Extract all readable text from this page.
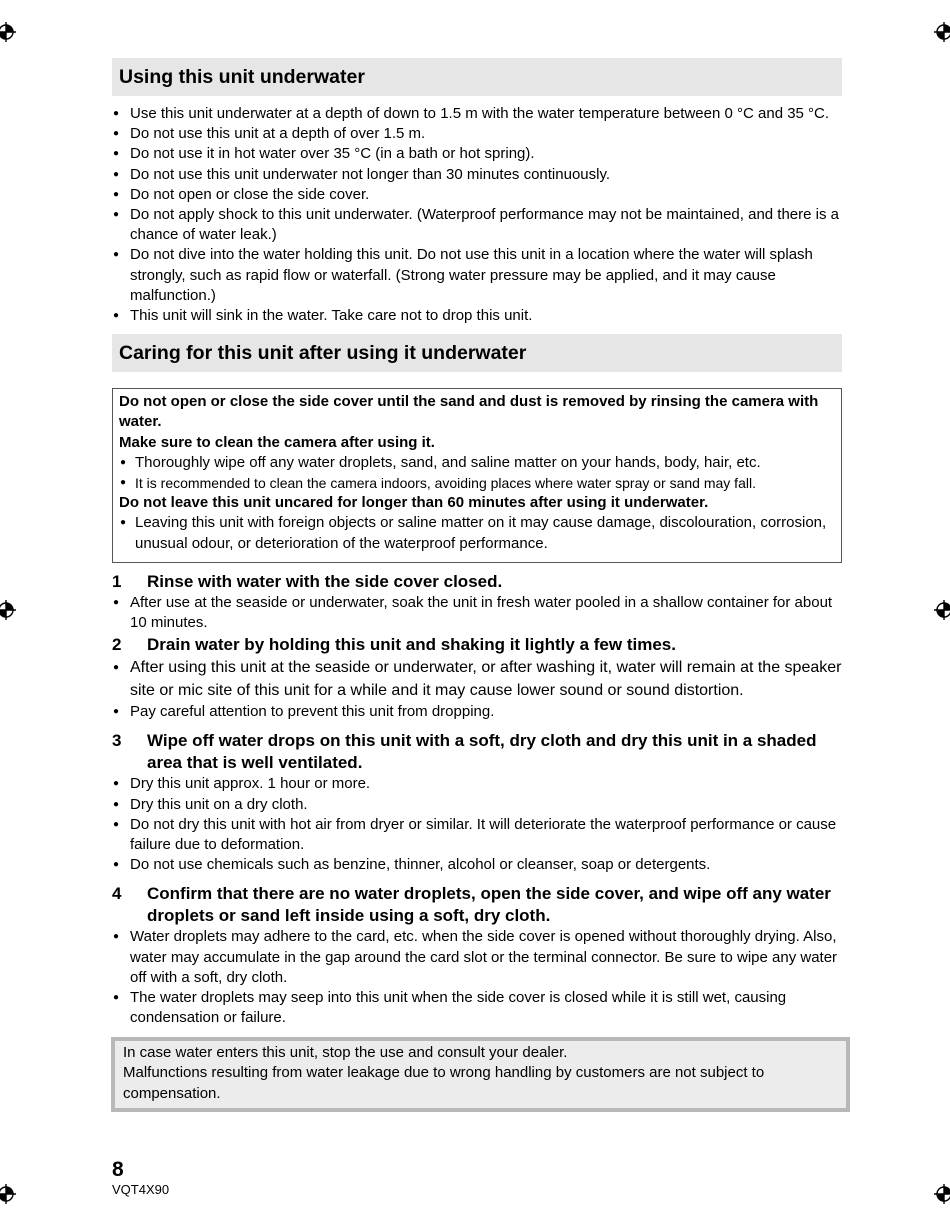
Using this unit underwater
● Use this unit underwater at a depth of down to 1.5 m with the water temperature between 0 °C and 35 °C.
● Do not use this unit at a depth of over 1.5 m.
● Do not use it in hot water over 35 °C (in a bath or hot spring).
● Do not use this unit underwater not longer than 30 minutes continuously.
● Do not open or close the side cover.
● Do not apply shock to this unit underwater. (Waterproof performance may not be maintained, and there is a chance of water leak.)
● Do not dive into the water holding this unit. Do not use this unit in a location where the water will splash strongly, such as rapid flow or waterfall. (Strong water pressure may be applied, and it may cause malfunction.)
● This unit will sink in the water. Take care not to drop this unit.
Caring for this unit after using it underwater
Do not open or close the side cover until the sand and dust is removed by rinsing the camera with water.
Make sure to clean the camera after using it.
● Thoroughly wipe off any water droplets, sand, and saline matter on your hands, body, hair, etc.
● It is recommended to clean the camera indoors, avoiding places where water spray or sand may fall.
Do not leave this unit uncared for longer than 60 minutes after using it underwater.
● Leaving this unit with foreign objects or saline matter on it may cause damage, discolouration, corrosion, unusual odour, or deterioration of the waterproof performance.
1 Rinse with water with the side cover closed.
● After use at the seaside or underwater, soak the unit in fresh water pooled in a shallow container for about 10 minutes.
2 Drain water by holding this unit and shaking it lightly a few times.
● After using this unit at the seaside or underwater, or after washing it, water will remain at the speaker site or mic site of this unit for a while and it may cause lower sound or sound distortion.
● Pay careful attention to prevent this unit from dropping.
3 Wipe off water drops on this unit with a soft, dry cloth and dry this unit in a shaded area that is well ventilated.
● Dry this unit approx. 1 hour or more.
● Dry this unit on a dry cloth.
● Do not dry this unit with hot air from dryer or similar. It will deteriorate the waterproof performance or cause failure due to deformation.
● Do not use chemicals such as benzine, thinner, alcohol or cleanser, soap or detergents.
4 Confirm that there are no water droplets, open the side cover, and wipe off any water droplets or sand left inside using a soft, dry cloth.
● Water droplets may adhere to the card, etc. when the side cover is opened without thoroughly drying. Also, water may accumulate in the gap around the card slot or the terminal connector. Be sure to wipe any water off with a soft, dry cloth.
● The water droplets may seep into this unit when the side cover is closed while it is still wet, causing condensation or failure.
In case water enters this unit, stop the use and consult your dealer.
Malfunctions resulting from water leakage due to wrong handling by customers are not subject to compensation.
8
VQT4X90
